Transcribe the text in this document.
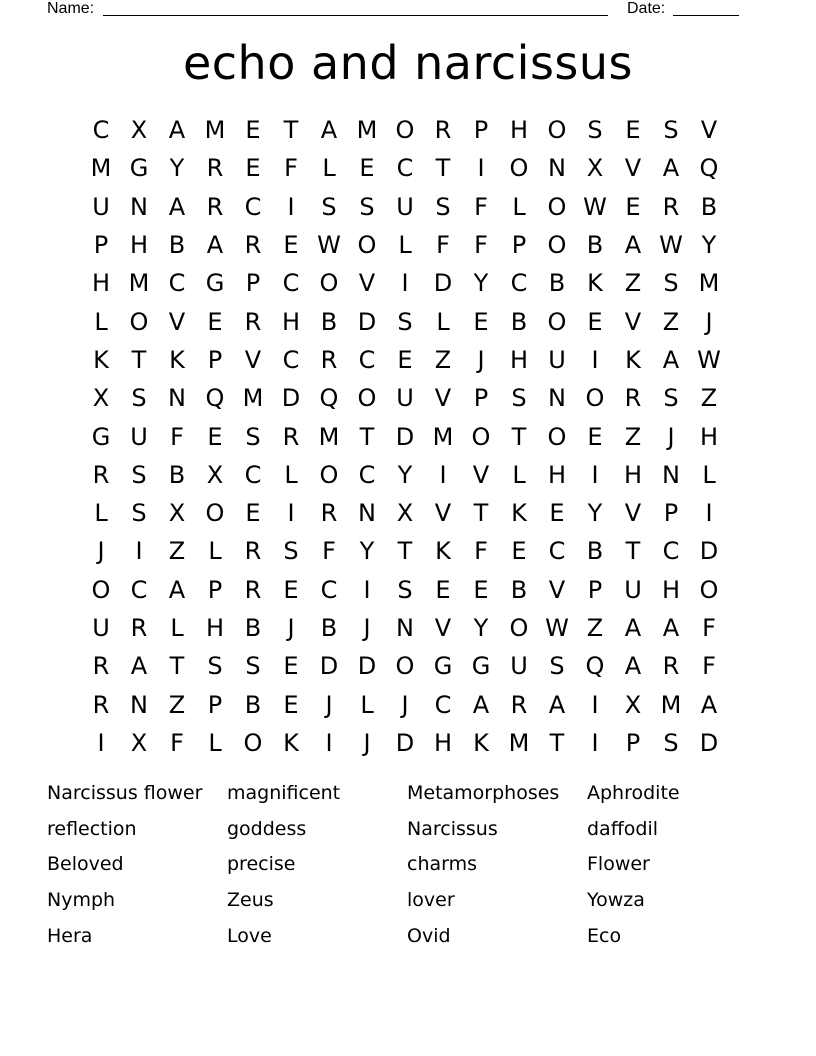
Name:	Date:
echo and narcissus
C X A M E T A M O R P H O S E S V
M G Y R E F	L E C T	I	O N X V A Q
U N A R C	I	S S U S F	L O W E R B
P H B A R E W O L	F	F P O B A W Y
H M C G P C O V	I	D Y C B K Z S M
L O V E R H B D S L E B O E V Z	J
K T K P V C R C E Z	J	H U	I	K A W
X S N Q M D Q O U V P S N O R S Z
G U F E S R M T D M O T O E Z	J	H
R S B X C L O C Y	I	V L H	I	H N L
L S X O E	I	R N X V T K E Y V P	I
J	I	Z L R S F Y T K F E C B T C D
O C A P R E C	I	S E E B V P U H O
U R L H B	J	B	J	N V Y O W Z A A F
R A T S S E D D O G G U S Q A R F
R N Z P B E	J	L	J	C A R A	I	X M A
I	X F	L O K	I	J	D H K M T	I	P S D
Narcissus flower	magnificent	Metamorphoses	Aphrodite
reflection	goddess	Narcissus	daffodil
Beloved	precise	charms	Flower
Nymph	Zeus	lover	Yowza
Hera	Love	Ovid	Eco
